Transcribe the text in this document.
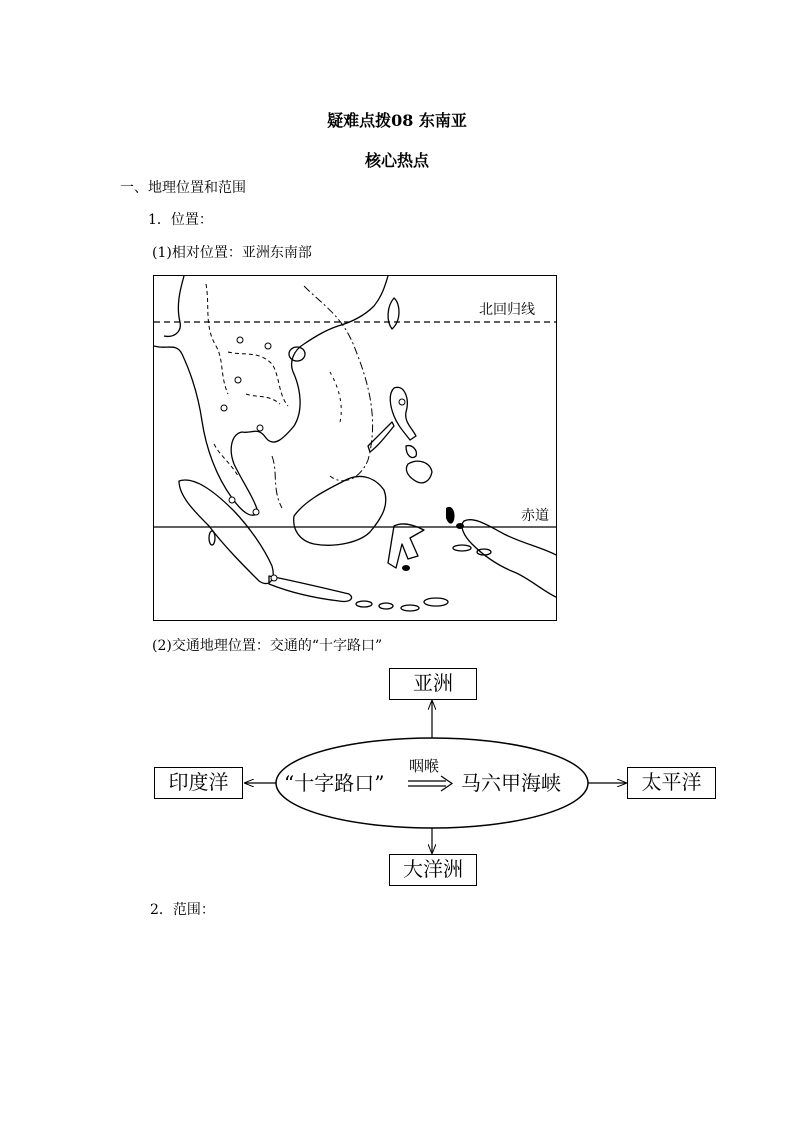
疑难点拨08 东南亚
核心热点
一、地理位置和范围
1．位置：
(1)相对位置：亚洲东南部
北回归线
赤道
(2)交通地理位置：交通的“十字路口”
亚洲
印度洋	太平洋
大洋洲
“十字路口”
咽喉
马六甲海峡
2．范围：
